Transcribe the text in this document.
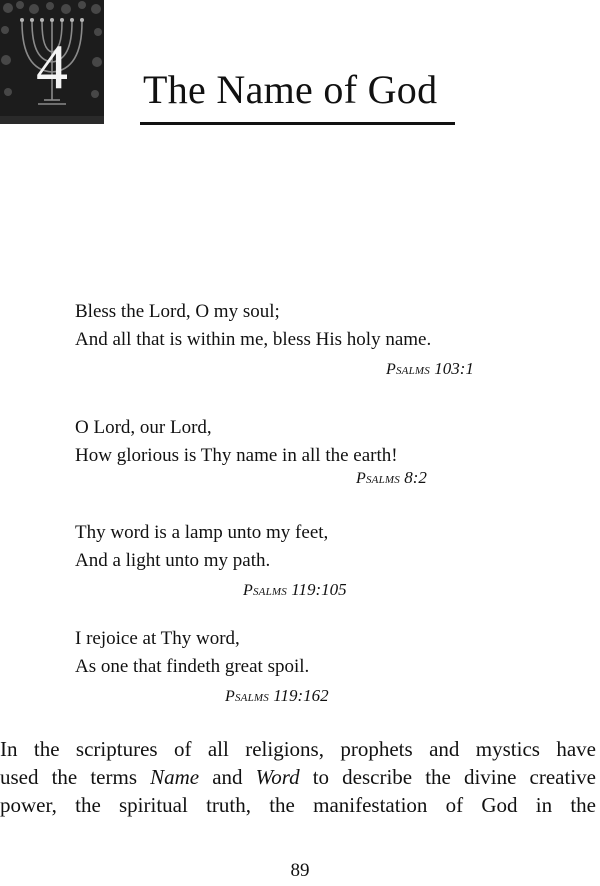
4	The Name of God
Bless the Lord, O my soul;
And all that is within me, bless His holy name.
Psalms 103:1
O Lord, our Lord,
How glorious is Thy name in all the earth!
Psalms 8:2
Thy word is a lamp unto my feet,
And a light unto my path.
Psalms 119:105
I rejoice at Thy word,
As one that findeth great spoil.
Psalms 119:162
In the scriptures of all religions, prophets and mystics have
used the terms Name and Word to describe the divine creative
power, the spiritual truth, the manifestation of God in the
89
